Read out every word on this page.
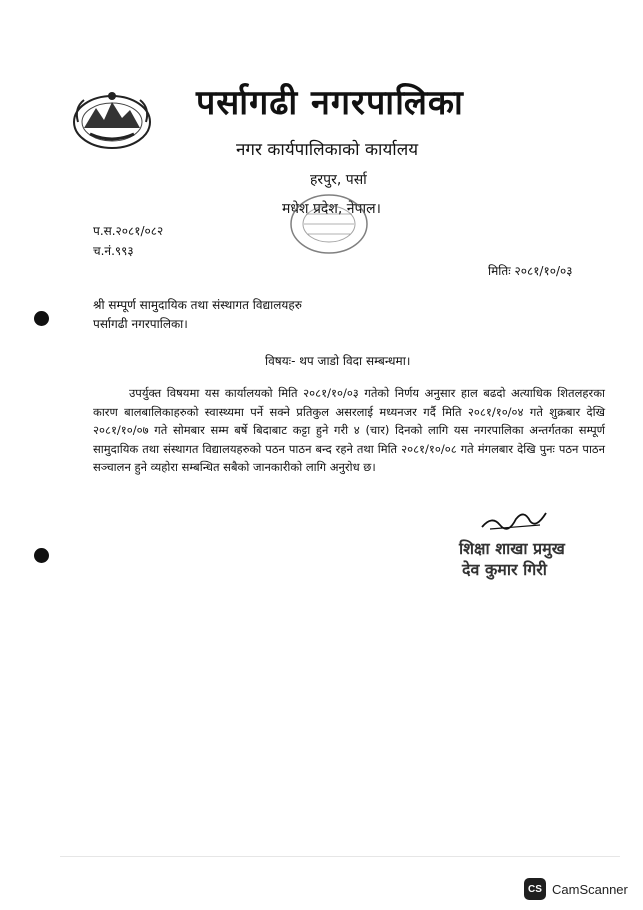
पर्सागढी नगरपालिका
नगर कार्यपालिकाको कार्यालय
हरपुर, पर्सा
मधेश प्रदेश, नेपाल।
प.स.२०८१/०८२
च.नं.९९३
मितिः २०८१/१०/०३
श्री सम्पूर्ण सामुदायिक तथा संस्थागत विद्यालयहरु
पर्सागढी नगरपालिका।
विषयः- थप जाडो विदा सम्बन्धमा।
उपर्युक्त विषयमा यस कार्यालयको मिति २०८१/१०/०३ गतेको निर्णय अनुसार हाल बढदो अत्याधिक शितलहरका कारण बालबालिकाहरुको स्वास्थ्यमा पर्ने सक्ने प्रतिकुल असरलाई मध्यनजर गर्दै मिति २०८१/१०/०४ गते शुक्रबार देखि २०८१/१०/०७ गते सोमबार सम्म बर्षे बिदाबाट कट्टा हुने गरी ४ (चार) दिनको लागि यस नगरपालिका अन्तर्गतका सम्पूर्ण सामुदायिक तथा संस्थागत विद्यालयहरुको पठन पाठन बन्द रहने तथा मिति २०८१/१०/०८ गते मंगलबार देखि पुनः पठन पाठन सञ्चालन हुने व्यहोरा सम्बन्धित सबैको जानकारीको लागि अनुरोध छ।
शिक्षा शाखा प्रमुख
देव कुमार गिरी
CS CamScanner
